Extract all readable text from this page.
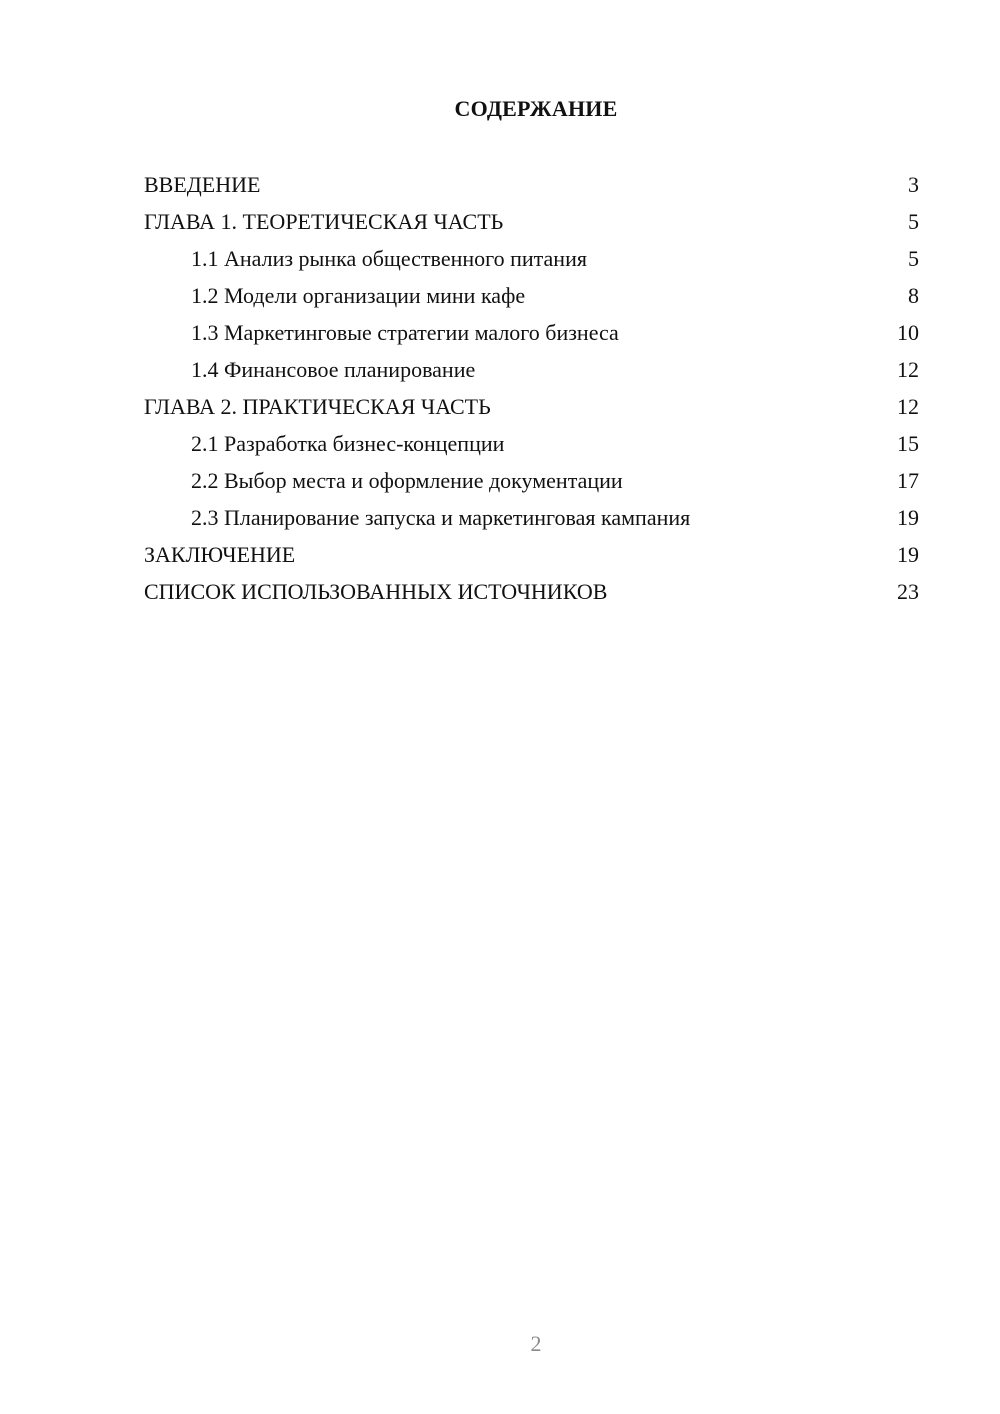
СОДЕРЖАНИЕ
ВВЕДЕНИЕ	3
ГЛАВА 1. ТЕОРЕТИЧЕСКАЯ ЧАСТЬ	5
1.1 Анализ рынка общественного питания	5
1.2 Модели организации мини кафе	8
1.3 Маркетинговые стратегии малого бизнеса	10
1.4 Финансовое планирование	12
ГЛАВА 2. ПРАКТИЧЕСКАЯ ЧАСТЬ	12
2.1 Разработка бизнес-концепции	15
2.2 Выбор места и оформление документации	17
2.3 Планирование запуска и маркетинговая кампания	19
ЗАКЛЮЧЕНИЕ	19
СПИСОК ИСПОЛЬЗОВАННЫХ ИСТОЧНИКОВ	23
2
